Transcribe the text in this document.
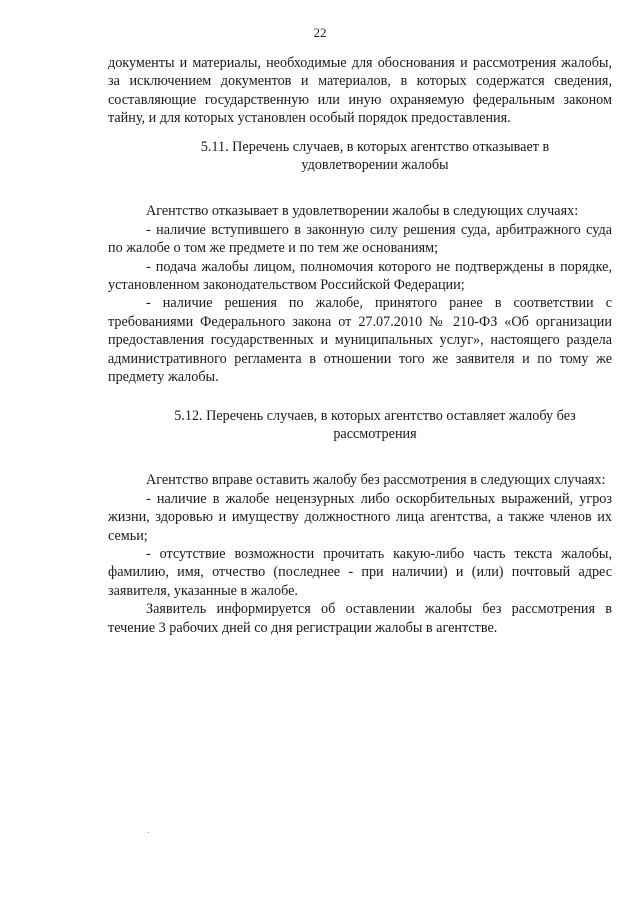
22

документы и материалы, необходимые для обоснования и рассмотрения жалобы, за исключением документов и материалов, в которых содержатся сведения, составляющие государственную или иную охраняемую федеральным законом тайну, и для которых установлен особый порядок предоставления.

5.11. Перечень случаев, в которых агентство отказывает в удовлетворении жалобы

Агентство отказывает в удовлетворении жалобы в следующих случаях:

- наличие вступившего в законную силу решения суда, арбитражного суда по жалобе о том же предмете и по тем же основаниям;

- подача жалобы лицом, полномочия которого не подтверждены в порядке, установленном законодательством Российской Федерации;

- наличие решения по жалобе, принятого ранее в соответствии с требованиями Федерального закона от 27.07.2010 № 210-ФЗ «Об организации предоставления государственных и муниципальных услуг», настоящего раздела административного регламента в отношении того же заявителя и по тому же предмету жалобы.

5.12. Перечень случаев, в которых агентство оставляет жалобу без рассмотрения

Агентство вправе оставить жалобу без рассмотрения в следующих случаях:

- наличие в жалобе нецензурных либо оскорбительных выражений, угроз жизни, здоровью и имуществу должностного лица агентства, а также членов их семьи;

- отсутствие возможности прочитать какую-либо часть текста жалобы, фамилию, имя, отчество (последнее - при наличии) и (или) почтовый адрес заявителя, указанные в жалобе.

Заявитель информируется об оставлении жалобы без рассмотрения в течение 3 рабочих дней со дня регистрации жалобы в агентстве.
